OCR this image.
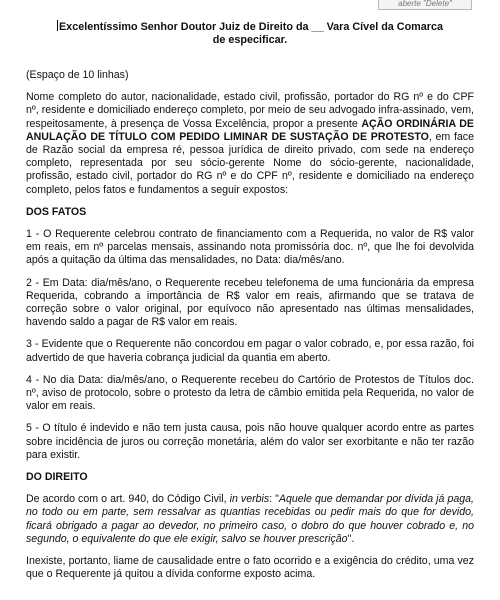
aberte "Delete"
Excelentíssimo Senhor Doutor Juiz de Direito da __ Vara Cível da Comarca
de especificar.

(Espaço de 10 linhas)

Nome completo do autor, nacionalidade, estado civil, profissão, portador do RG nº e do CPF nº, residente e domiciliado endereço completo, por meio de seu advogado infra-assinado, vem, respeitosamente, à presença de Vossa Excelência, propor a presente AÇÃO ORDINÁRIA DE ANULAÇÃO DE TÍTULO COM PEDIDO LIMINAR DE SUSTAÇÃO DE PROTESTO, em face de Razão social da empresa ré, pessoa jurídica de direito privado, com sede na endereço completo, representada por seu sócio-gerente Nome do sócio-gerente, nacionalidade, profissão, estado civil, portador do RG nº e do CPF nº, residente e domiciliado na endereço completo, pelos fatos e fundamentos a seguir expostos:

DOS FATOS

1 - O Requerente celebrou contrato de financiamento com a Requerida, no valor de R$ valor em reais, em nº parcelas mensais, assinando nota promissória doc. nº, que lhe foi devolvida após a quitação da última das mensalidades, no Data: dia/mês/ano.

2 - Em Data: dia/mês/ano, o Requerente recebeu telefonema de uma funcionária da empresa Requerida, cobrando a importância de R$ valor em reais, afirmando que se tratava de correção sobre o valor original, por equívoco não apresentado nas últimas mensalidades, havendo saldo a pagar de R$ valor em reais.

3 - Evidente que o Requerente não concordou em pagar o valor cobrado, e, por essa razão, foi advertido de que haveria cobrança judicial da quantia em aberto.

4 - No dia Data: dia/mês/ano, o Requerente recebeu do Cartório de Protestos de Títulos doc. nº, aviso de protocolo, sobre o protesto da letra de câmbio emitida pela Requerida, no valor de valor em reais.

5 - O título é indevido e não tem justa causa, pois não houve qualquer acordo entre as partes sobre incidência de juros ou correção monetária, além do valor ser exorbitante e não ter razão para existir.

DO DIREITO

De acordo com o art. 940, do Código Civil, in verbis: "Aquele que demandar por dívida já paga, no todo ou em parte, sem ressalvar as quantias recebidas ou pedir mais do que for devido, ficará obrigado a pagar ao devedor, no primeiro caso, o dobro do que houver cobrado e, no segundo, o equivalente do que ele exigir, salvo se houver prescrição".

Inexiste, portanto, liame de causalidade entre o fato ocorrido e a exigência do crédito, uma vez que o Requerente já quitou a dívida conforme exposto acima.
